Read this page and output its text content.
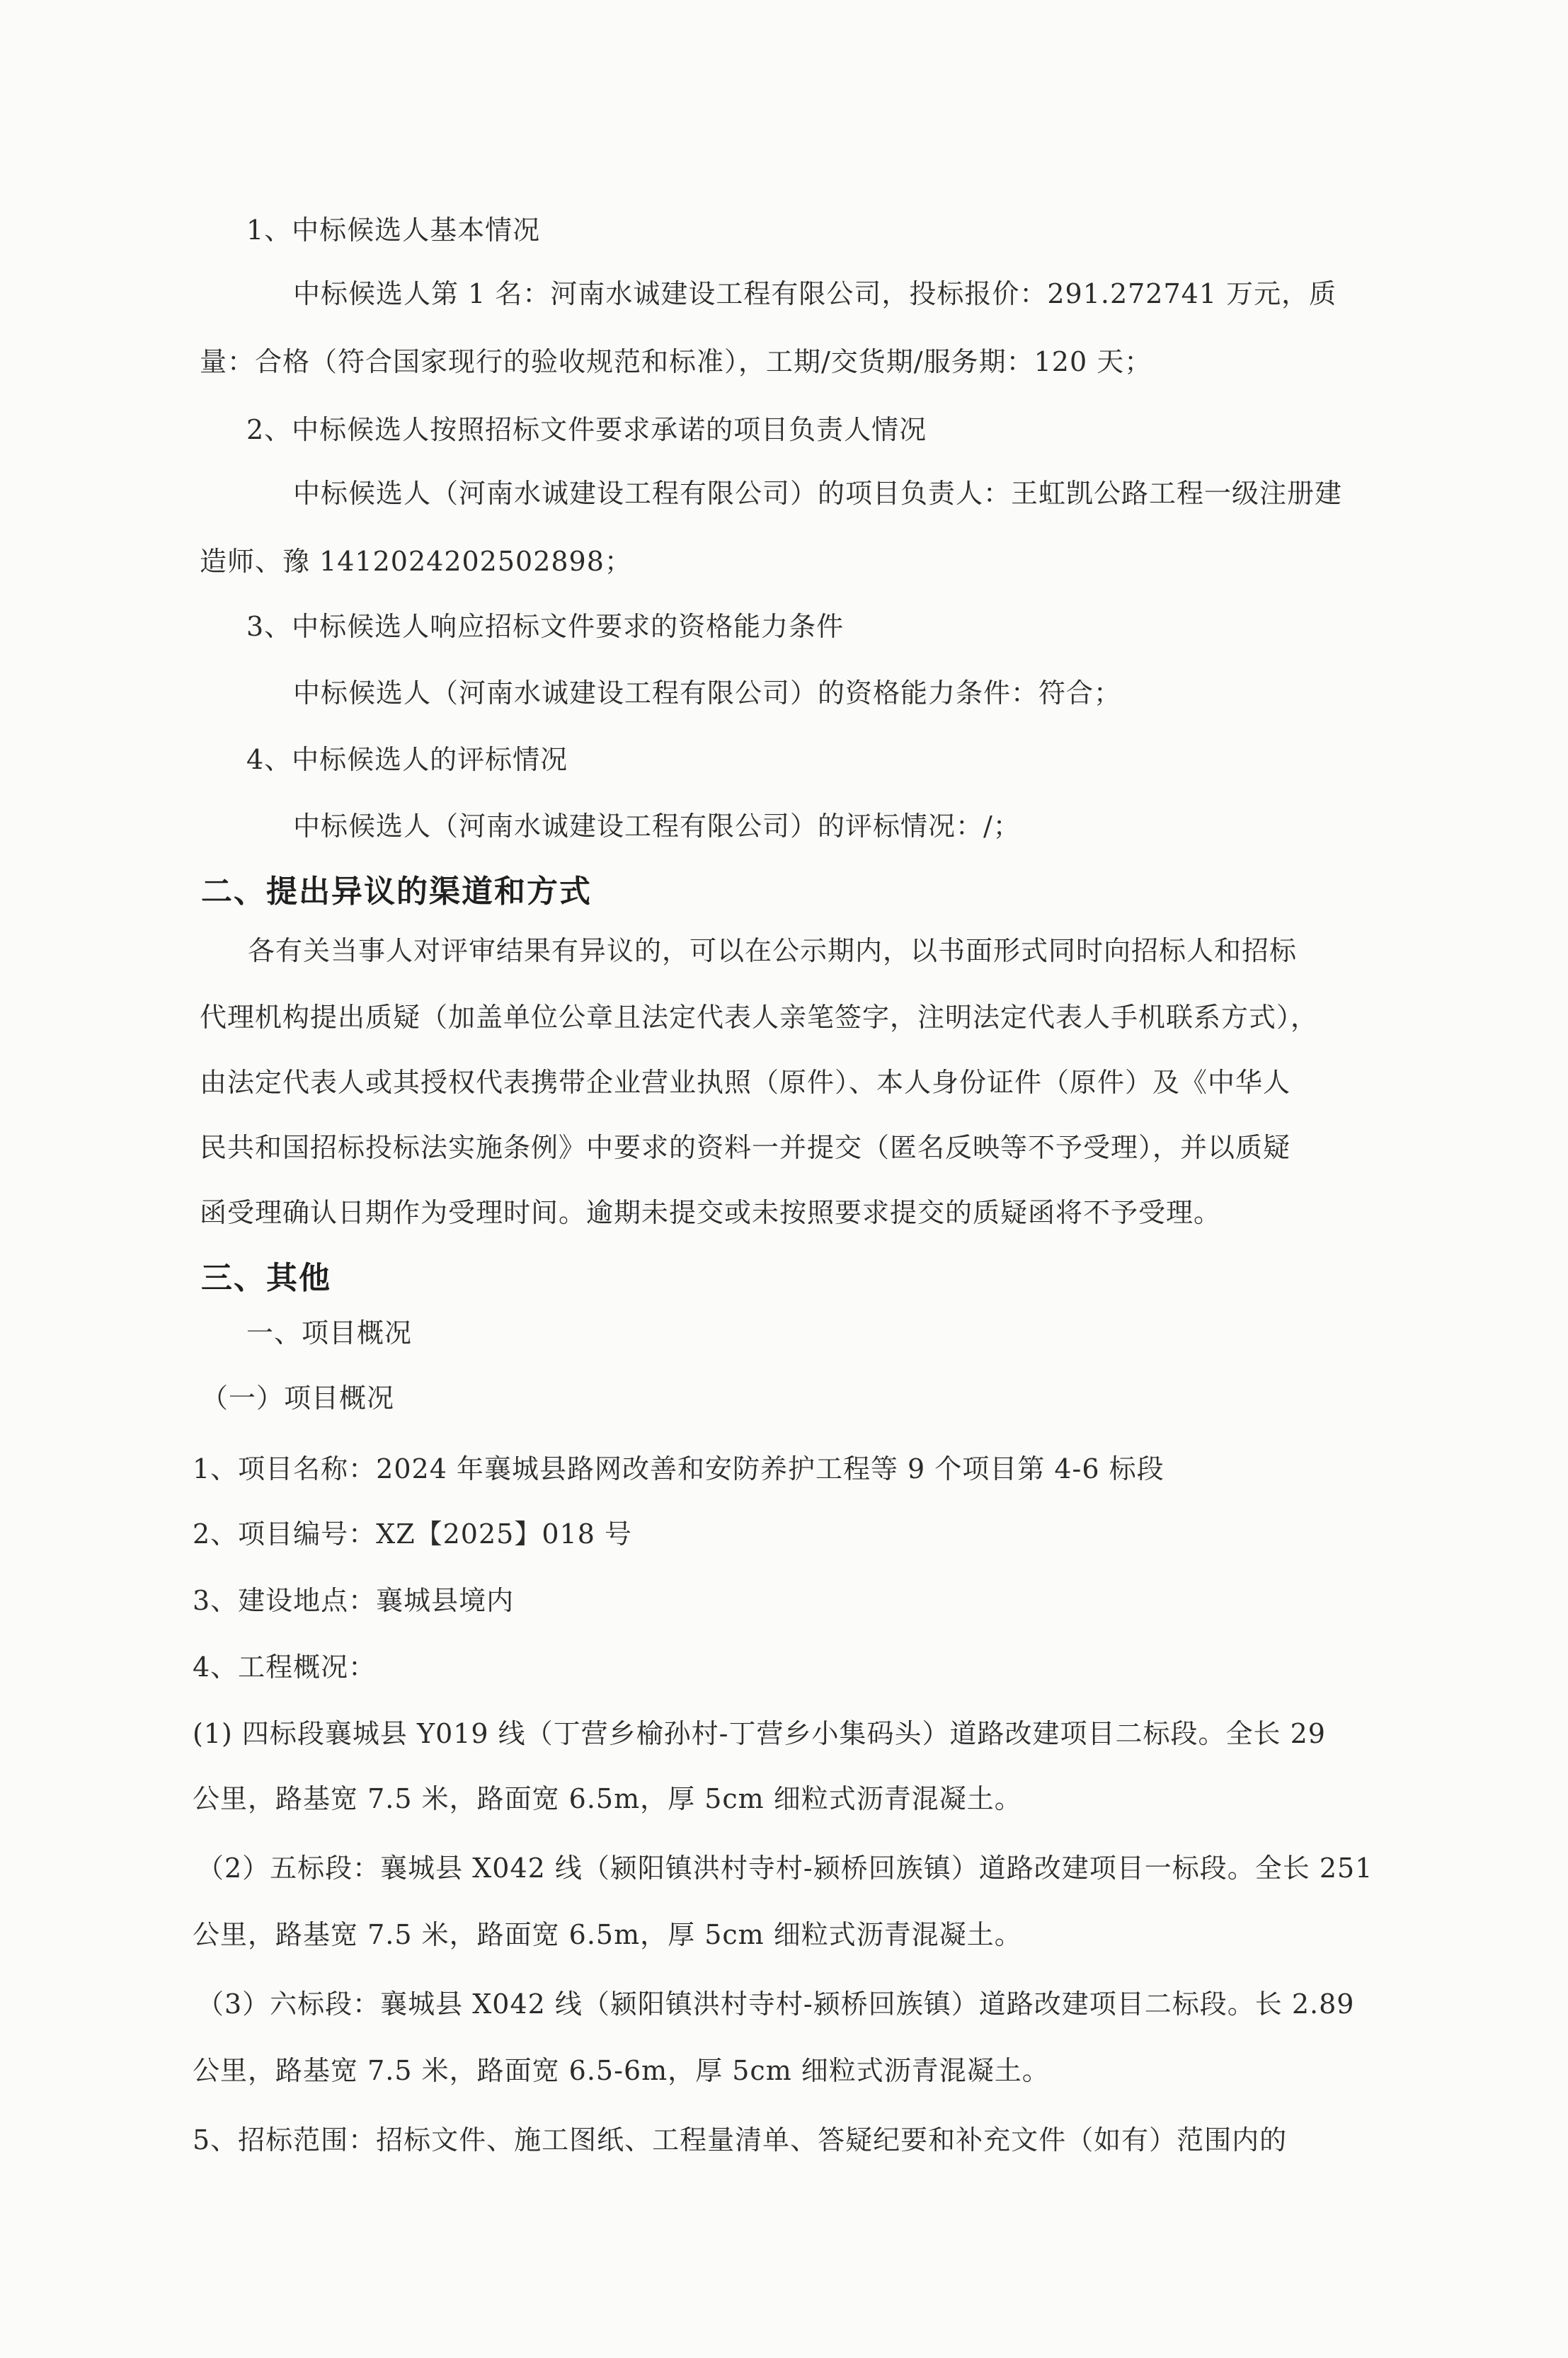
1、中标候选人基本情况
中标候选人第 1 名：河南水诚建设工程有限公司，投标报价：291.272741 万元，质
量：合格（符合国家现行的验收规范和标准），工期/交货期/服务期：120 天；
2、中标候选人按照招标文件要求承诺的项目负责人情况
中标候选人（河南水诚建设工程有限公司）的项目负责人：王虹凯公路工程一级注册建
造师、豫 1412024202502898；
3、中标候选人响应招标文件要求的资格能力条件
中标候选人（河南水诚建设工程有限公司）的资格能力条件：符合；
4、中标候选人的评标情况
中标候选人（河南水诚建设工程有限公司）的评标情况：/；
二、提出异议的渠道和方式
各有关当事人对评审结果有异议的，可以在公示期内，以书面形式同时向招标人和招标
代理机构提出质疑（加盖单位公章且法定代表人亲笔签字，注明法定代表人手机联系方式），
由法定代表人或其授权代表携带企业营业执照（原件）、本人身份证件（原件）及《中华人
民共和国招标投标法实施条例》中要求的资料一并提交（匿名反映等不予受理），并以质疑
函受理确认日期作为受理时间。逾期未提交或未按照要求提交的质疑函将不予受理。
三、其他
一、项目概况
（一）项目概况
1、项目名称：2024 年襄城县路网改善和安防养护工程等 9 个项目第 4-6 标段
2、项目编号：XZ【2025】018 号
3、建设地点：襄城县境内
4、工程概况：
(1) 四标段襄城县 Y019 线（丁营乡榆孙村-丁营乡小集码头）道路改建项目二标段。全长 29
公里，路基宽 7.5 米，路面宽 6.5m，厚 5cm 细粒式沥青混凝土。
（2）五标段：襄城县 X042 线（颍阳镇洪村寺村-颍桥回族镇）道路改建项目一标段。全长 251
公里，路基宽 7.5 米，路面宽 6.5m，厚 5cm 细粒式沥青混凝土。
（3）六标段：襄城县 X042 线（颍阳镇洪村寺村-颍桥回族镇）道路改建项目二标段。长 2.89
公里，路基宽 7.5 米，路面宽 6.5-6m，厚 5cm 细粒式沥青混凝土。
5、招标范围：招标文件、施工图纸、工程量清单、答疑纪要和补充文件（如有）范围内的
